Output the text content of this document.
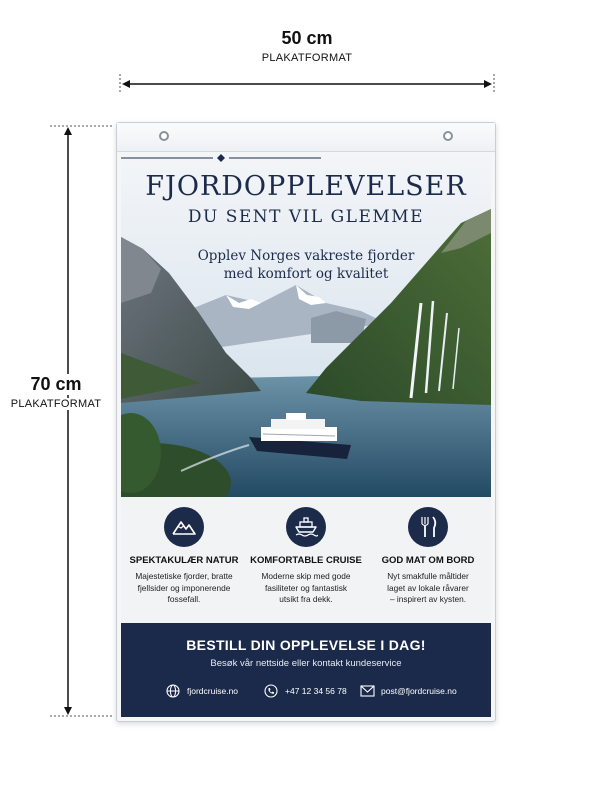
50 cm
PLAKATFORMAT
70 cm
PLAKATFORMAT
FJORDOPPLEVELSER
DU SENT VIL GLEMME
Opplev Norges vakreste fjorder
med komfort og kvalitet
SPEKTAKULÆR NATUR
Majestetiske fjorder, bratte
fjellsider og imponerende
fossefall.
KOMFORTABLE CRUISE
Moderne skip med gode
fasiliteter og fantastisk
utsikt fra dekk.
GOD MAT OM BORD
Nyt smakfulle måltider
laget av lokale råvarer
– inspirert av kysten.
BESTILL DIN OPPLEVELSE I DAG!
Besøk vår nettside eller kontakt kundeservice
fjordcruise.no	+47 12 34 56 78	post@fjordcruise.no
